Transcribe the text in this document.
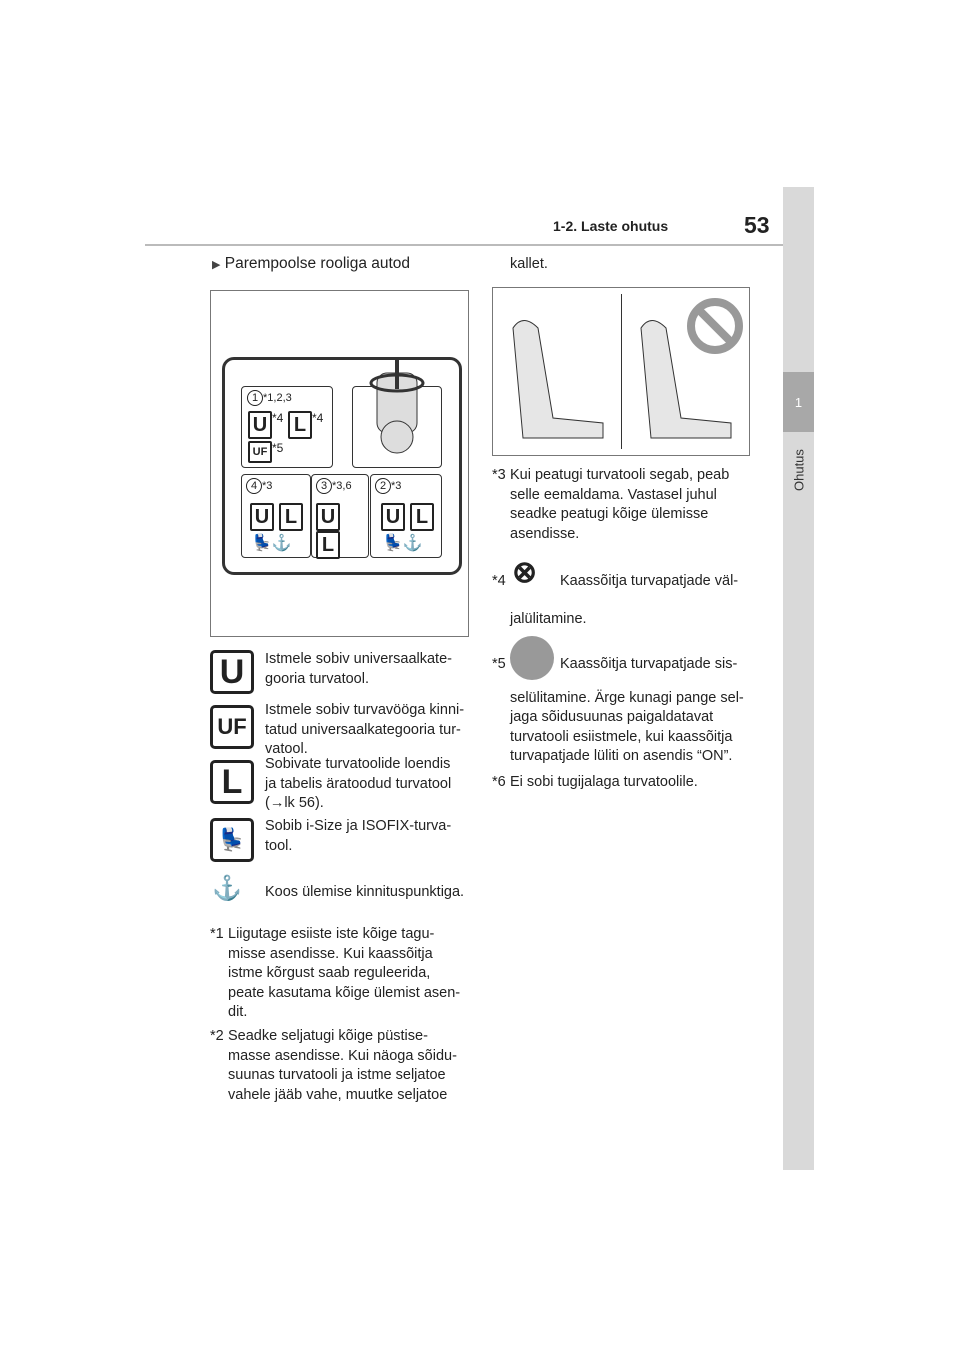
1
Ohutus
1-2. Laste ohutus	53
▶ Parempoolse rooliga autod
1 *1,2,3
U $^{*4}$ L $^{*4}$
UF $^{*5}$
4 *3
U L
💺⚓
3 *3,6
UL
2 *3
U L
💺⚓
U	Istmele sobiv universaalkate-gooria turvatool.
UF
Istmele sobiv turvavööga kinni-tatud universaalkategooria tur-vatool.
L	Sobivate turvatoolide loendis ja tabelis äratoodud turvatool (→lk 56).
💺
Sobib i-Size ja ISOFIX-turva-tool.
⚓ Koos ülemise kinnituspunktiga.
*1 Liigutage esiiste iste kõige tagu-misse asendisse. Kui kaassõitja istme kõrgust saab reguleerida, peate kasutama kõige ülemist asen-dit.
*2 Seadke seljatugi kõige püstise-masse asendisse. Kui näoga sõidu-suunas turvatooli ja istme seljatoe vahele jääb vahe, muutke seljatoe
kallet.
*3 Kui peatugi turvatooli segab, peab selle eemaldama. Vastasel juhul seadke peatugi kõige ülemisse asendisse.
*4	Kaassõitja turvapatjade väl-
jalülitamine.
⊗
*5	Kaassõitja turvapatjade sis-
selülitamine. Ärge kunagi pange sel-jaga sõidusuunas paigaldatavat turvatooli esiistmele, kui kaassõitja turvapatjade lüliti on asendis “ON”.
*6 Ei sobi tugijalaga turvatoolile.
